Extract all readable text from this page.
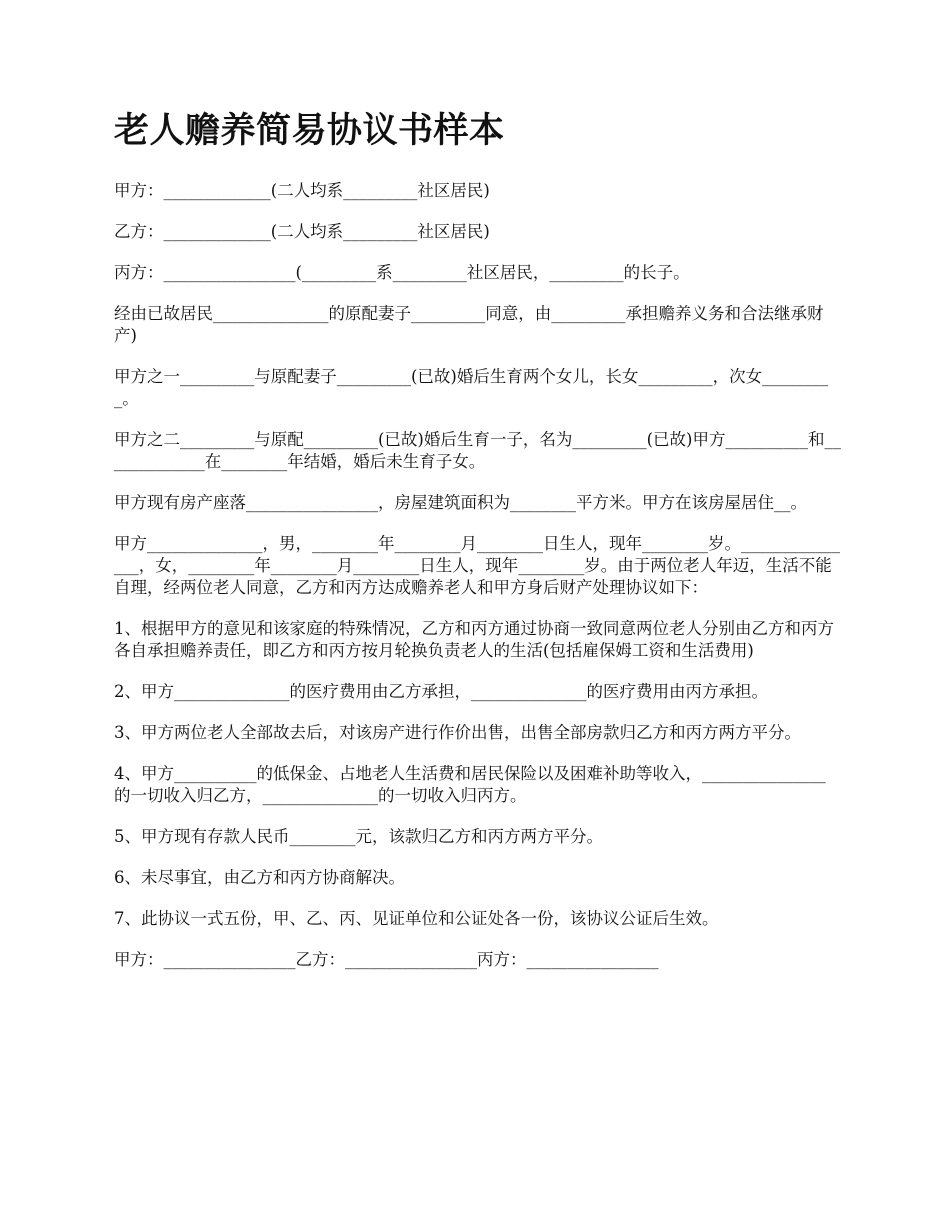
老人赡养简易协议书样本
甲方：_____________(二人均系_________社区居民)
乙方：_____________(二人均系_________社区居民)
丙方：________________(_________系_________社区居民，_________的长子。
经由已故居民______________的原配妻子_________同意，由_________承担赡养义务和合法继承财产)
甲方之一_________与原配妻子_________(已故)婚后生育两个女儿，长女_________，次女_________。
甲方之二_________与原配_________(已故)婚后生育一子，名为_________(已故)甲方__________和_____________在________年结婚，婚后未生育子女。
甲方现有房产座落________________，房屋建筑面积为________平方米。甲方在该房屋居住__。
甲方______________，男，________年________月________日生人，现年________岁。_______________，女，________年________月________日生人，现年________岁。由于两位老人年迈，生活不能自理，经两位老人同意，乙方和丙方达成赡养老人和甲方身后财产处理协议如下：
1、根据甲方的意见和该家庭的特殊情况，乙方和丙方通过协商一致同意两位老人分别由乙方和丙方各自承担赡养责任，即乙方和丙方按月轮换负责老人的生活(包括雇保姆工资和生活费用)
2、甲方______________的医疗费用由乙方承担，______________的医疗费用由丙方承担。
3、甲方两位老人全部故去后，对该房产进行作价出售，出售全部房款归乙方和丙方两方平分。
4、甲方__________的低保金、占地老人生活费和居民保险以及困难补助等收入，_______________的一切收入归乙方，______________的一切收入归丙方。
5、甲方现有存款人民币________元，该款归乙方和丙方两方平分。
6、未尽事宜，由乙方和丙方协商解决。
7、此协议一式五份，甲、乙、丙、见证单位和公证处各一份，该协议公证后生效。
甲方：________________乙方：________________丙方：________________
